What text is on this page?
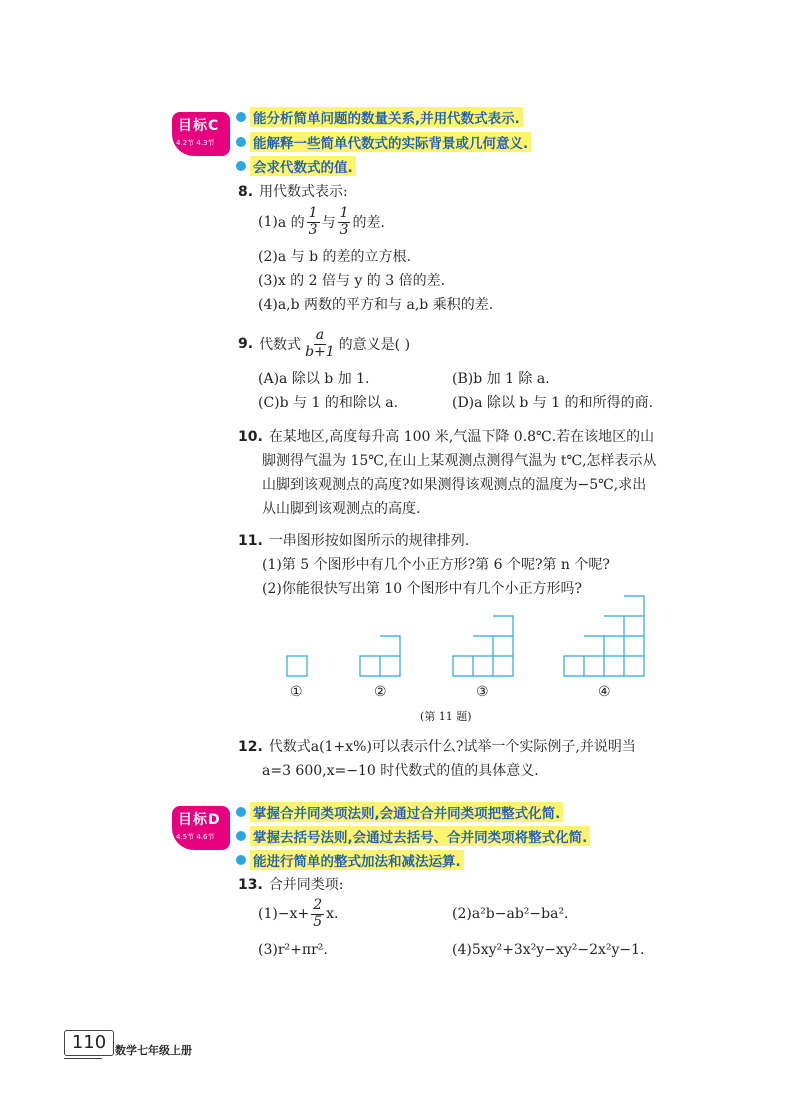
目标C
4.2节 4.3节
能分析简单问题的数量关系,并用代数式表示.
能解释一些简单代数式的实际背景或几何意义.
会求代数式的值.
8. 用代数式表示:
(1) a 的 $\frac{1}{3}$ 与 $\frac{1}{3}$ 的差.
(2)a 与 b 的差的立方根.
(3)x 的 2 倍与 y 的 3 倍的差.
(4)a,b 两数的平方和与 a,b 乘积的差.
9. 代数式 $\frac{a}{b+1}$ 的意义是( )
(A)a 除以 b 加 1.	(B)b 加 1 除 a.
(C)b 与 1 的和除以 a.	(D)a 除以 b 与 1 的和所得的商.
10. 在某地区,高度每升高 100 米,气温下降 0.8℃.若在该地区的山
脚测得气温为 15℃,在山上某观测点测得气温为 t℃,怎样表示从
山脚到该观测点的高度?如果测得该观测点的温度为−5℃,求出
从山脚到该观测点的高度.
11. 一串图形按如图所示的规律排列.
(1)第 5 个图形中有几个小正方形?第 6 个呢?第 n 个呢?
(2)你能很快写出第 10 个图形中有几个小正方形吗?
①	②	③	④
(第 11 题)
12. 代数式a(1+x%)可以表示什么?试举一个实际例子,并说明当
a=3 600,x=−10 时代数式的值的具体意义.
目标D
4.5节 4.6节
掌握合并同类项法则,会通过合并同类项把整式化简.
掌握去括号法则,会通过去括号、合并同类项将整式化简.
能进行简单的整式加法和减法运算.
13. 合并同类项:
$(1)-x+ \frac{2}{5} x$.	(2)a²b−ab²−ba².
(3)r²+πr².	(4)5xy²+3x²y−xy²−2x²y−1.
110 数学七年级上册
